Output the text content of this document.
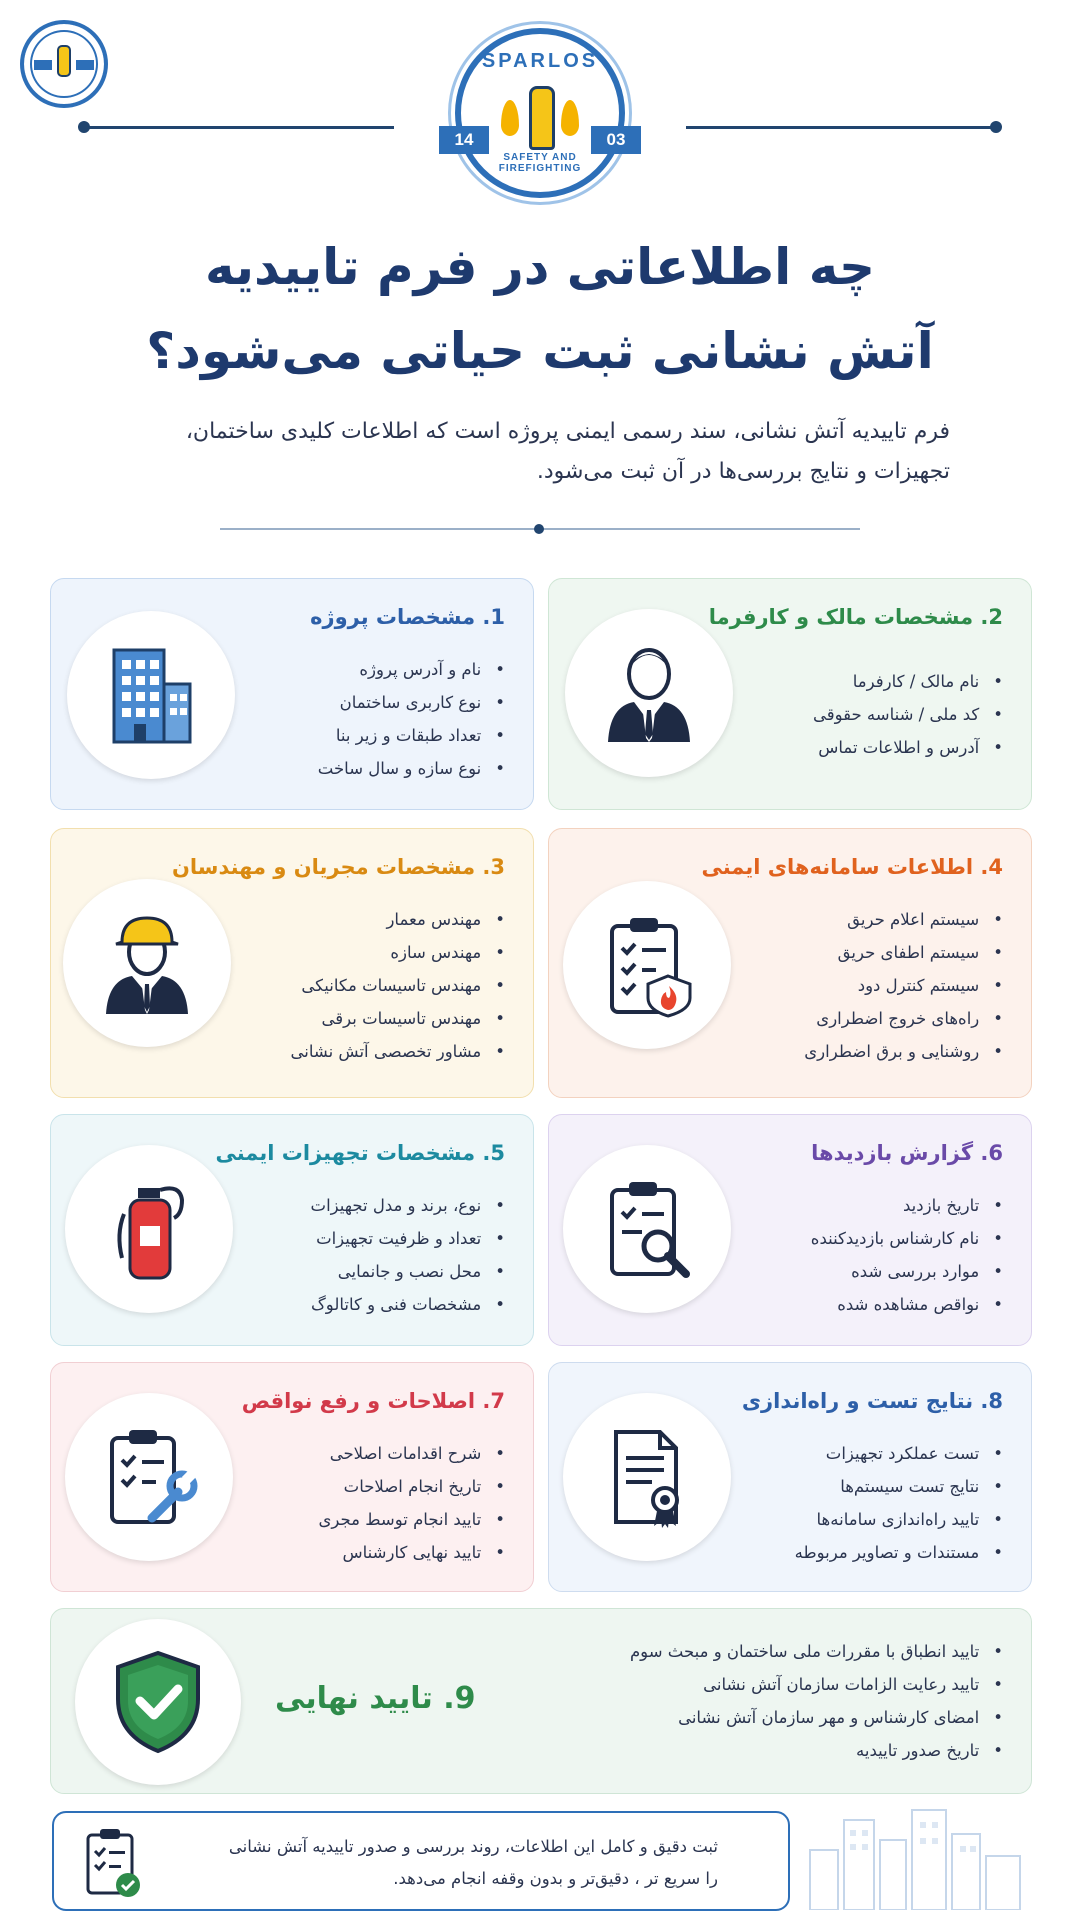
SPARLOS
14	03
SAFETY AND FIREFIGHTING
چه اطلاعاتی در فرم تاییدیه
آتش نشانی ثبت حیاتی می‌شود؟
فرم تاییدیه آتش نشانی، سند رسمی ایمنی پروژه است که اطلاعات کلیدی ساختمان، تجهیزات و نتایج بررسی‌ها در آن ثبت می‌شود.
1. مشخصات پروژه
• نام و آدرس پروژه
• نوع کاربری ساختمان
• تعداد طبقات و زیر بنا
• نوع سازه و سال ساخت
2. مشخصات مالک و کارفرما
• نام مالک / کارفرما
• کد ملی / شناسه حقوقی
• آدرس و اطلاعات تماس
3. مشخصات مجریان و مهندسان
• مهندس معمار
• مهندس سازه
• مهندس تاسیسات مکانیکی
• مهندس تاسیسات برقی
• مشاور تخصصی آتش نشانی
4. اطلاعات سامانه‌های ایمنی
• سیستم اعلام حریق
• سیستم اطفای حریق
• سیستم کنترل دود
• راه‌های خروج اضطراری
• روشنایی و برق اضطراری
5. مشخصات تجهیزات ایمنی
• نوع، برند و مدل تجهیزات
• تعداد و ظرفیت تجهیزات
• محل نصب و جانمایی
• مشخصات فنی و کاتالوگ
6. گزارش بازدیدها
• تاریخ بازدید
• نام کارشناس بازدیدکننده
• موارد بررسی شده
• نواقص مشاهده شده
7. اصلاحات و رفع نواقص
• شرح اقدامات اصلاحی
• تاریخ انجام اصلاحات
• تایید انجام توسط مجری
• تایید نهایی کارشناس
8. نتایج تست و راه‌اندازی
• تست عملکرد تجهیزات
• نتایج تست سیستم‌ها
• تایید راه‌اندازی سامانه‌ها
• مستندات و تصاویر مربوطه
• تایید انطباق با مقررات ملی ساختمان و مبحث سوم
• تایید رعایت الزامات سازمان آتش نشانی
• امضای کارشناس و مهر سازمان آتش نشانی
• تاریخ صدور تاییدیه
9. تایید نهایی
ثبت دقیق و کامل این اطلاعات، روند بررسی و صدور تاییدیه آتش نشانی
را سریع تر ، دقیق‌تر و بدون وقفه انجام می‌دهد.
